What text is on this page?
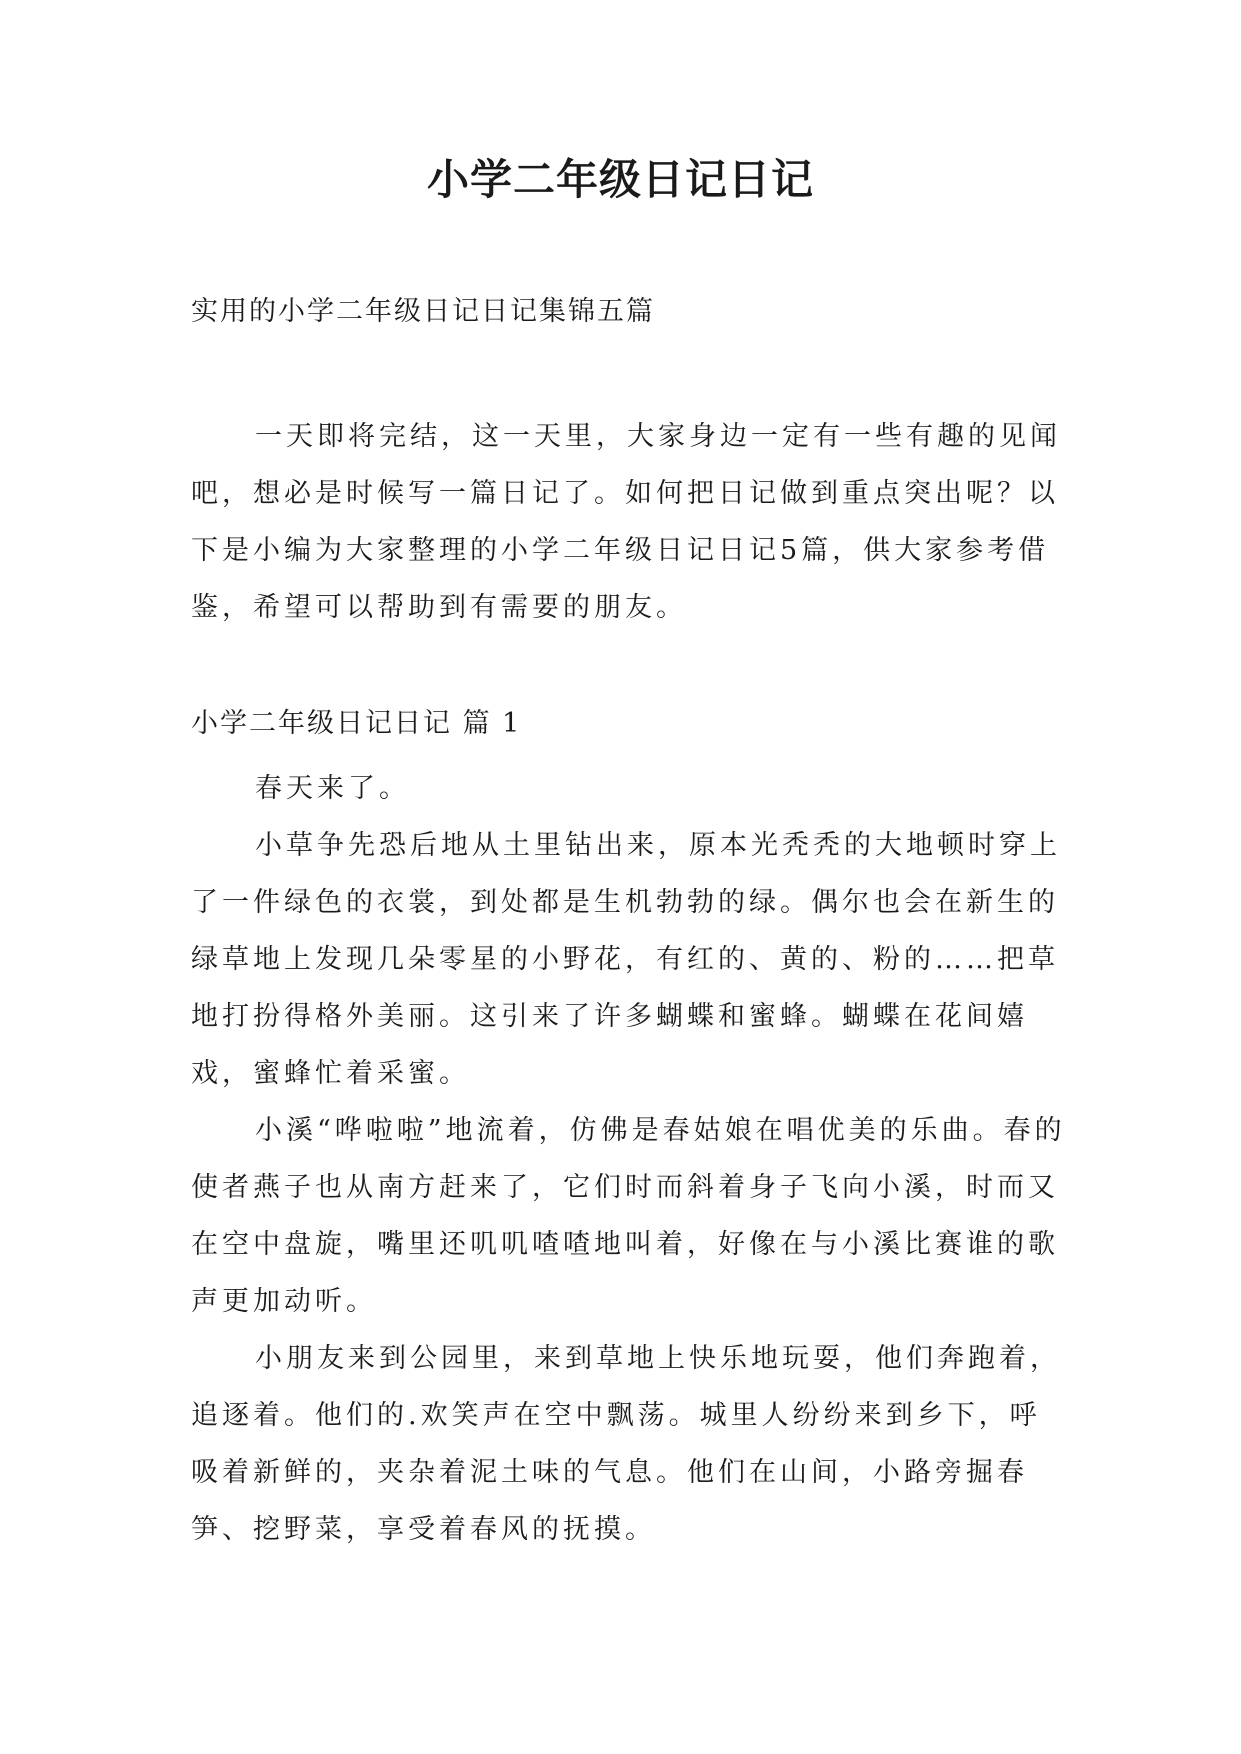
小学二年级日记日记

实用的小学二年级日记日记集锦五篇

一天即将完结，这一天里，大家身边一定有一些有趣的见闻吧，想必是时候写一篇日记了。如何把日记做到重点突出呢？以下是小编为大家整理的小学二年级日记日记5篇，供大家参考借鉴，希望可以帮助到有需要的朋友。

小学二年级日记日记 篇 1

春天来了。

小草争先恐后地从土里钻出来，原本光秃秃的大地顿时穿上了一件绿色的衣裳，到处都是生机勃勃的绿。偶尔也会在新生的绿草地上发现几朵零星的小野花，有红的、黄的、粉的……把草地打扮得格外美丽。这引来了许多蝴蝶和蜜蜂。蝴蝶在花间嬉戏，蜜蜂忙着采蜜。

小溪“哗啦啦”地流着，仿佛是春姑娘在唱优美的乐曲。春的使者燕子也从南方赶来了，它们时而斜着身子飞向小溪，时而又在空中盘旋，嘴里还叽叽喳喳地叫着，好像在与小溪比赛谁的歌声更加动听。

小朋友来到公园里，来到草地上快乐地玩耍，他们奔跑着，追逐着。他们的.欢笑声在空中飘荡。城里人纷纷来到乡下，呼吸着新鲜的，夹杂着泥土味的气息。他们在山间，小路旁掘春笋、挖野菜，享受着春风的抚摸。
